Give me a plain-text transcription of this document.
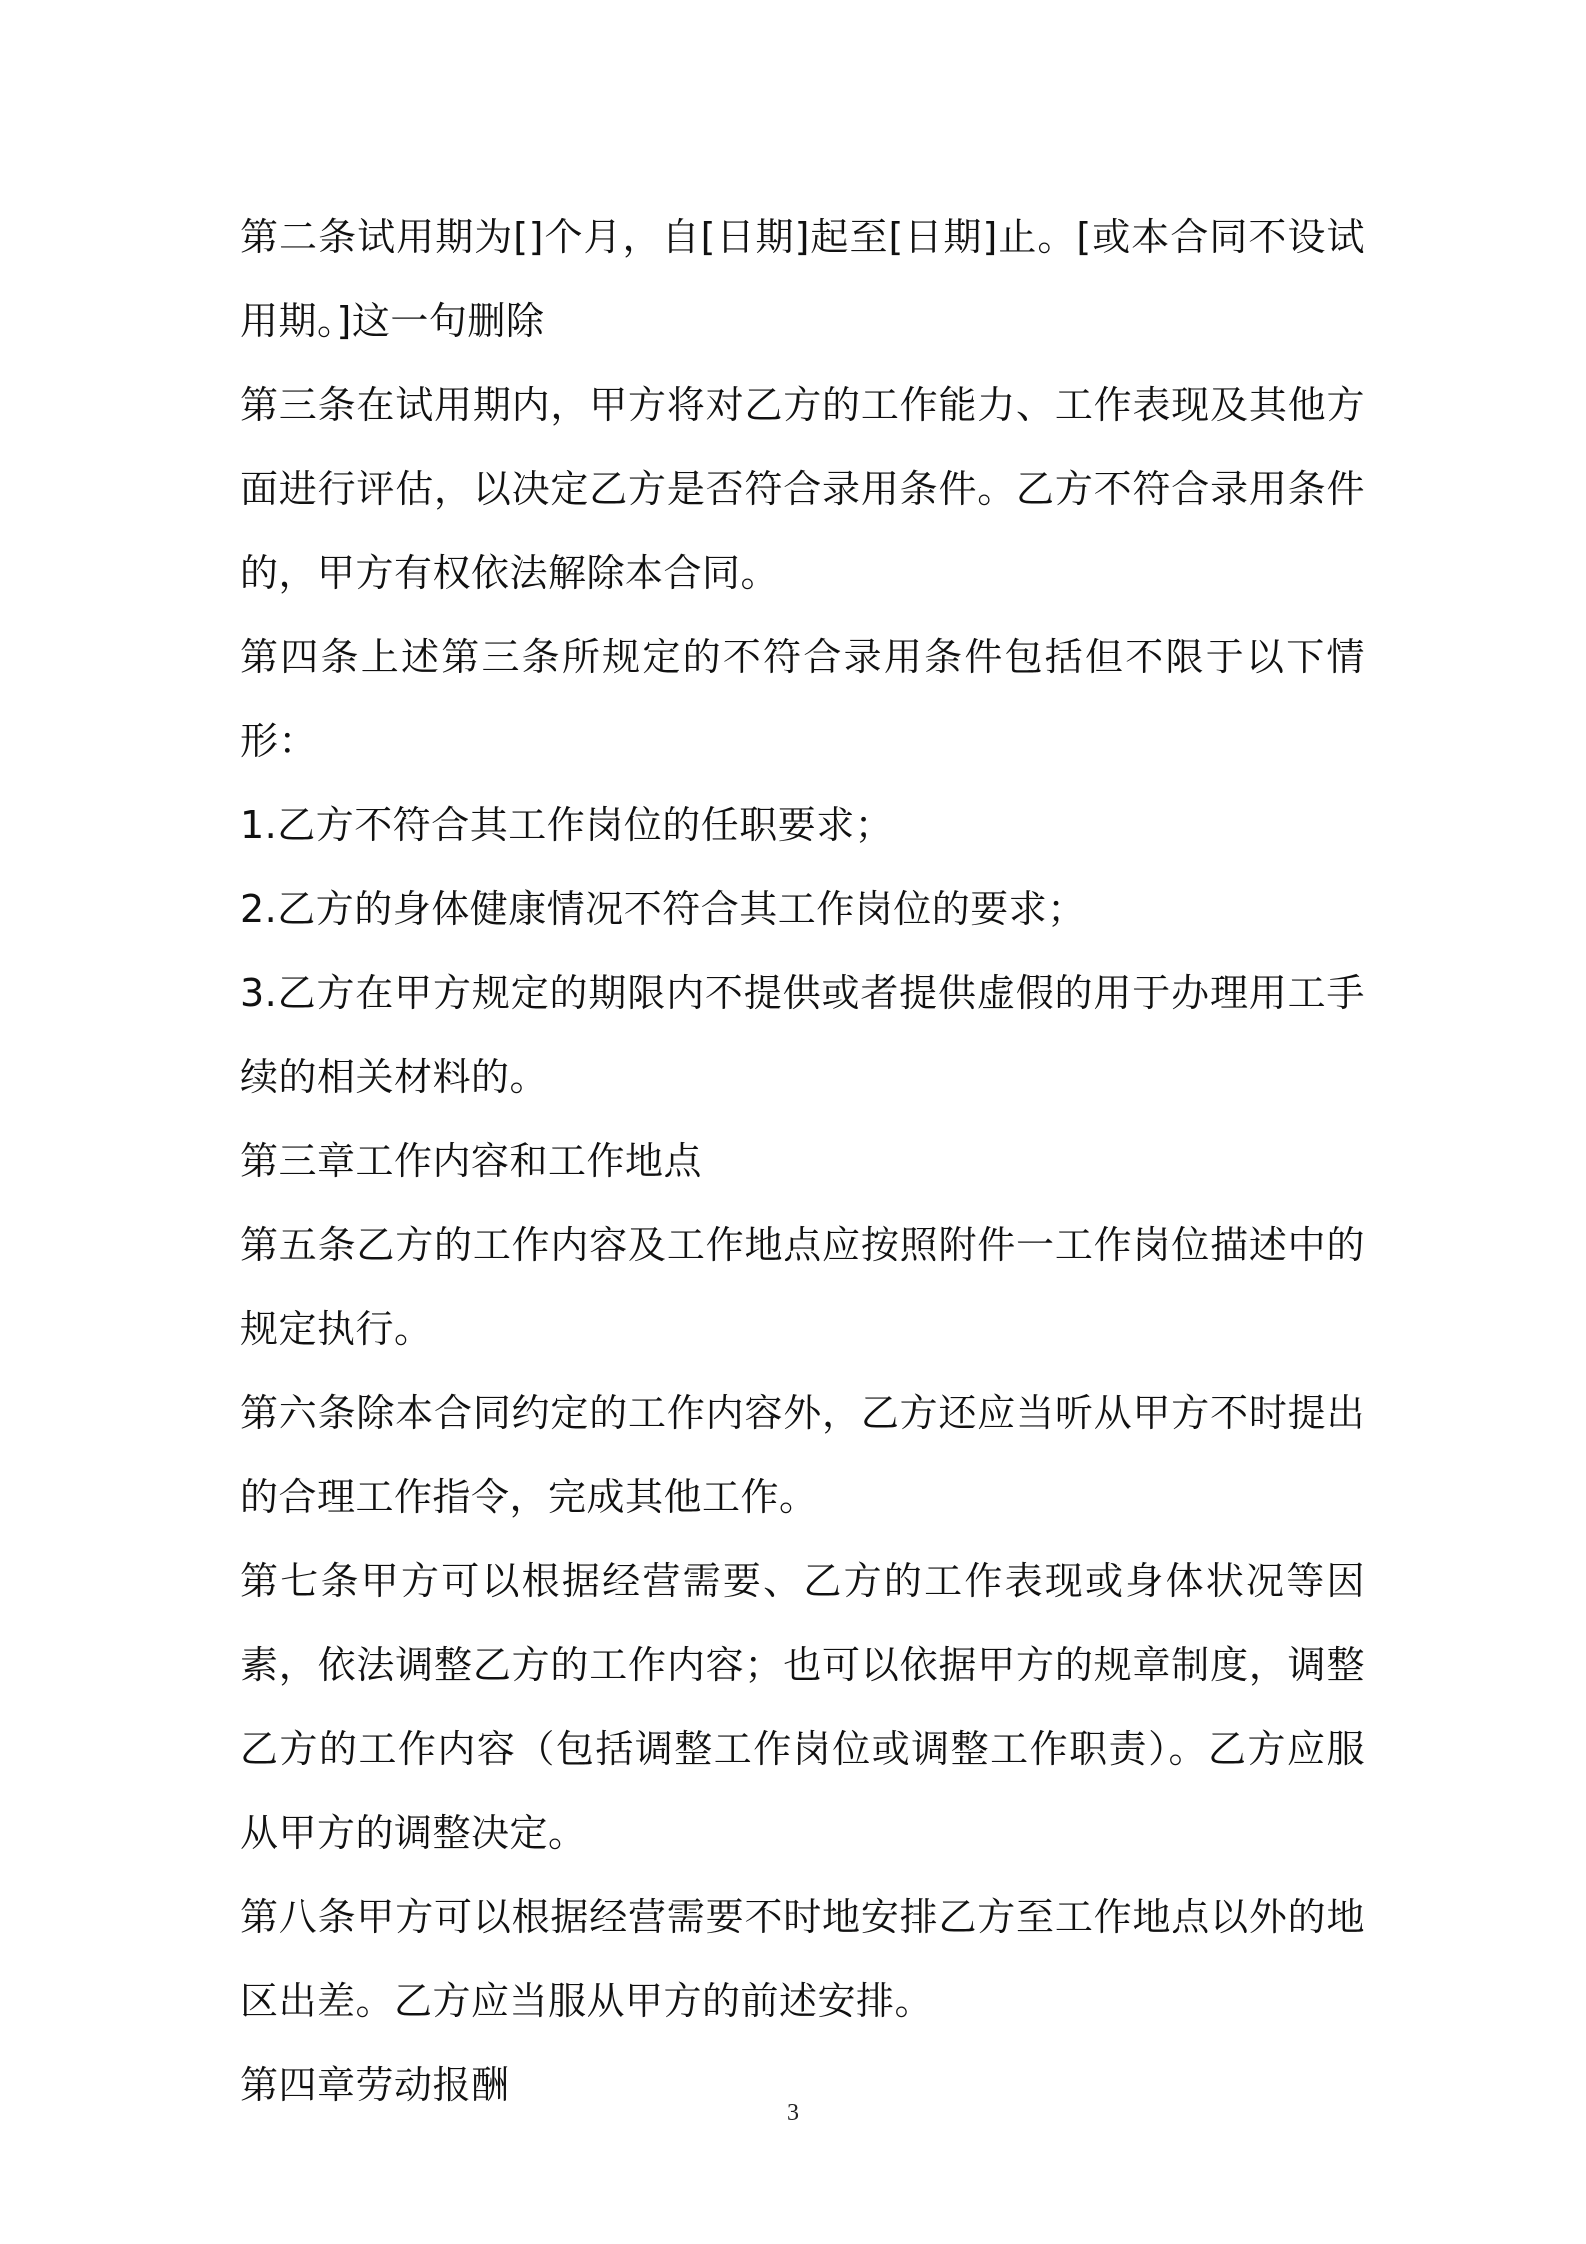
第二条试用期为[]个月，自[日期]起至[日期]止。[或本合同不设试用期。]这一句删除

第三条在试用期内，甲方将对乙方的工作能力、工作表现及其他方面进行评估，以决定乙方是否符合录用条件。乙方不符合录用条件的，甲方有权依法解除本合同。

第四条上述第三条所规定的不符合录用条件包括但不限于以下情形：

1.乙方不符合其工作岗位的任职要求；

2.乙方的身体健康情况不符合其工作岗位的要求；

3.乙方在甲方规定的期限内不提供或者提供虚假的用于办理用工手续的相关材料的。

第三章工作内容和工作地点

第五条乙方的工作内容及工作地点应按照附件一工作岗位描述中的规定执行。

第六条除本合同约定的工作内容外，乙方还应当听从甲方不时提出的合理工作指令，完成其他工作。

第七条甲方可以根据经营需要、乙方的工作表现或身体状况等因素，依法调整乙方的工作内容；也可以依据甲方的规章制度，调整乙方的工作内容（包括调整工作岗位或调整工作职责）。乙方应服从甲方的调整决定。

第八条甲方可以根据经营需要不时地安排乙方至工作地点以外的地区出差。乙方应当服从甲方的前述安排。

第四章劳动报酬

3
